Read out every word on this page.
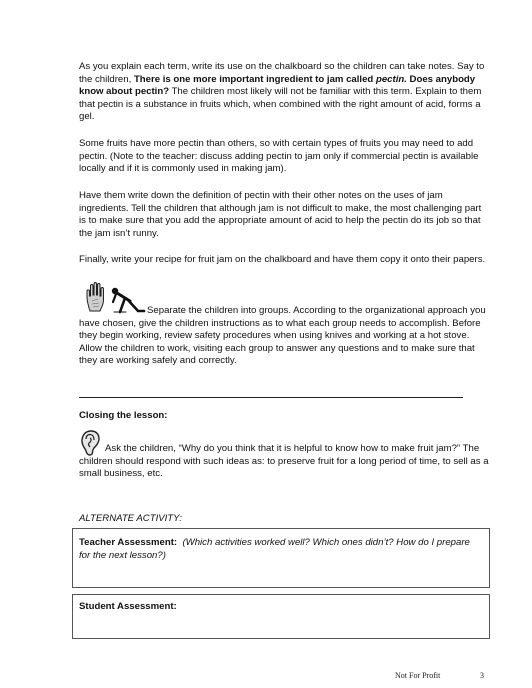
As you explain each term, write its use on the chalkboard so the children can take notes. Say to the children, There is one more important ingredient to jam called pectin. Does anybody know about pectin? The children most likely will not be familiar with this term. Explain to them that pectin is a substance in fruits which, when combined with the right amount of acid, forms a gel.

Some fruits have more pectin than others, so with certain types of fruits you may need to add pectin. (Note to the teacher: discuss adding pectin to jam only if commercial pectin is available locally and if it is commonly used in making jam).

Have them write down the definition of pectin with their other notes on the uses of jam ingredients. Tell the children that although jam is not difficult to make, the most challenging part is to make sure that you add the appropriate amount of acid to help the pectin do its job so that the jam isn’t runny.

Finally, write your recipe for fruit jam on the chalkboard and have them copy it onto their papers.

Separate the children into groups. According to the organizational approach you have chosen, give the children instructions as to what each group needs to accomplish. Before they begin working, review safety procedures when using knives and working at a hot stove. Allow the children to work, visiting each group to answer any questions and to make sure that they are working safely and correctly.

Closing the lesson:

Ask the children, “Why do you think that it is helpful to know how to make fruit jam?” The children should respond with such ideas as: to preserve fruit for a long period of time, to sell as a small business, etc.

ALTERNATE ACTIVITY:

Teacher Assessment: (Which activities worked well? Which ones didn’t? How do I prepare for the next lesson?)

Student Assessment:

Not For Profit	3
